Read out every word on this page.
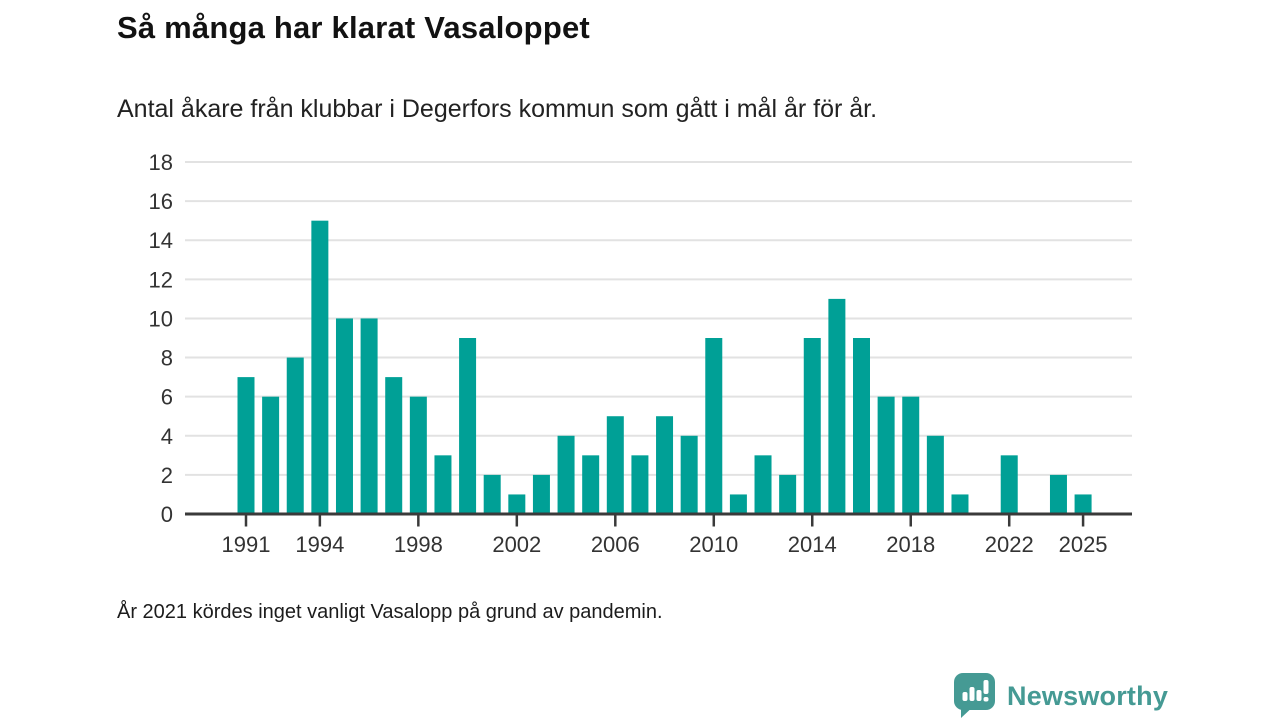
1991 1994 1998 2002 2006 2010 2014 2018 2022 2025
0
2
4
6
8
10
12
14
16
18
Så många har klarat Vasaloppet

Antal åkare från klubbar i Degerfors kommun som gått i mål år för år.

År 2021 kördes inget vanligt Vasalopp på grund av pandemin.

Newsworthy
